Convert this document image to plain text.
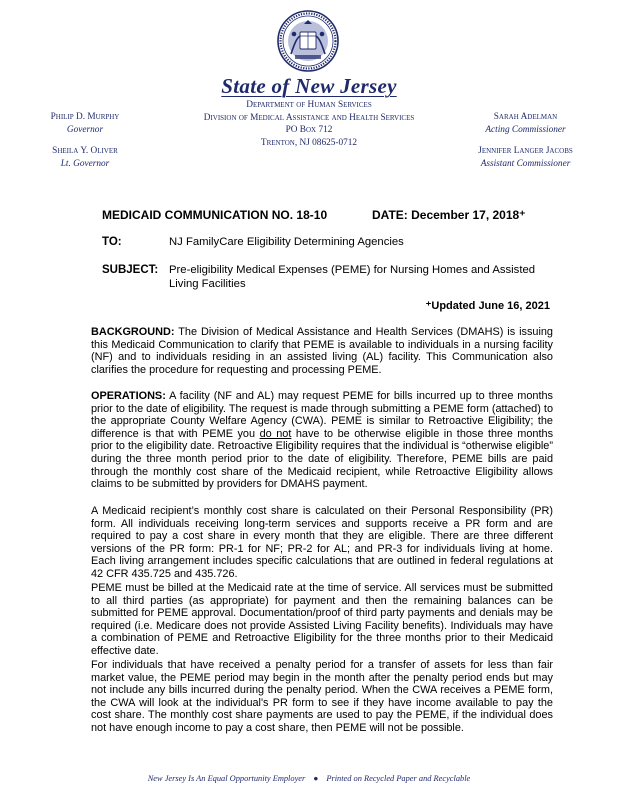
State of New Jersey
Department of Human Services
Division of Medical Assistance and Health Services
PO Box 712
Trenton, NJ 08625-0712
Philip D. Murphy
Governor
Sheila Y. Oliver
Lt. Governor
Sarah Adelman
Acting Commissioner
Jennifer Langer Jacobs
Assistant Commissioner
MEDICAID COMMUNICATION NO. 18-10	DATE: December 17, 2018⁺
TO:	NJ FamilyCare Eligibility Determining Agencies
SUBJECT: Pre-eligibility Medical Expenses (PEME) for Nursing Homes and Assisted Living Facilities
⁺Updated June 16, 2021
BACKGROUND: The Division of Medical Assistance and Health Services (DMAHS) is issuing this Medicaid Communication to clarify that PEME is available to individuals in a nursing facility (NF) and to individuals residing in an assisted living (AL) facility. This Communication also clarifies the procedure for requesting and processing PEME.
OPERATIONS: A facility (NF and AL) may request PEME for bills incurred up to three months prior to the date of eligibility. The request is made through submitting a PEME form (attached) to the appropriate County Welfare Agency (CWA). PEME is similar to Retroactive Eligibility; the difference is that with PEME you do not have to be otherwise eligible in those three months prior to the eligibility date. Retroactive Eligibility requires that the individual is “otherwise eligible” during the three month period prior to the date of eligibility. Therefore, PEME bills are paid through the monthly cost share of the Medicaid recipient, while Retroactive Eligibility allows claims to be submitted by providers for DMAHS payment.
A Medicaid recipient’s monthly cost share is calculated on their Personal Responsibility (PR) form. All individuals receiving long-term services and supports receive a PR form and are required to pay a cost share in every month that they are eligible. There are three different versions of the PR form: PR-1 for NF; PR-2 for AL; and PR-3 for individuals living at home. Each living arrangement includes specific calculations that are outlined in federal regulations at 42 CFR 435.725 and 435.726.
PEME must be billed at the Medicaid rate at the time of service. All services must be submitted to all third parties (as appropriate) for payment and then the remaining balances can be submitted for PEME approval. Documentation/proof of third party payments and denials may be required (i.e. Medicare does not provide Assisted Living Facility benefits). Individuals may have a combination of PEME and Retroactive Eligibility for the three months prior to their Medicaid effective date.
For individuals that have received a penalty period for a transfer of assets for less than fair market value, the PEME period may begin in the month after the penalty period ends but may not include any bills incurred during the penalty period. When the CWA receives a PEME form, the CWA will look at the individual's PR form to see if they have income available to pay the cost share. The monthly cost share payments are used to pay the PEME, if the individual does not have enough income to pay a cost share, then PEME will not be possible.
New Jersey Is An Equal Opportunity Employer ● Printed on Recycled Paper and Recyclable
